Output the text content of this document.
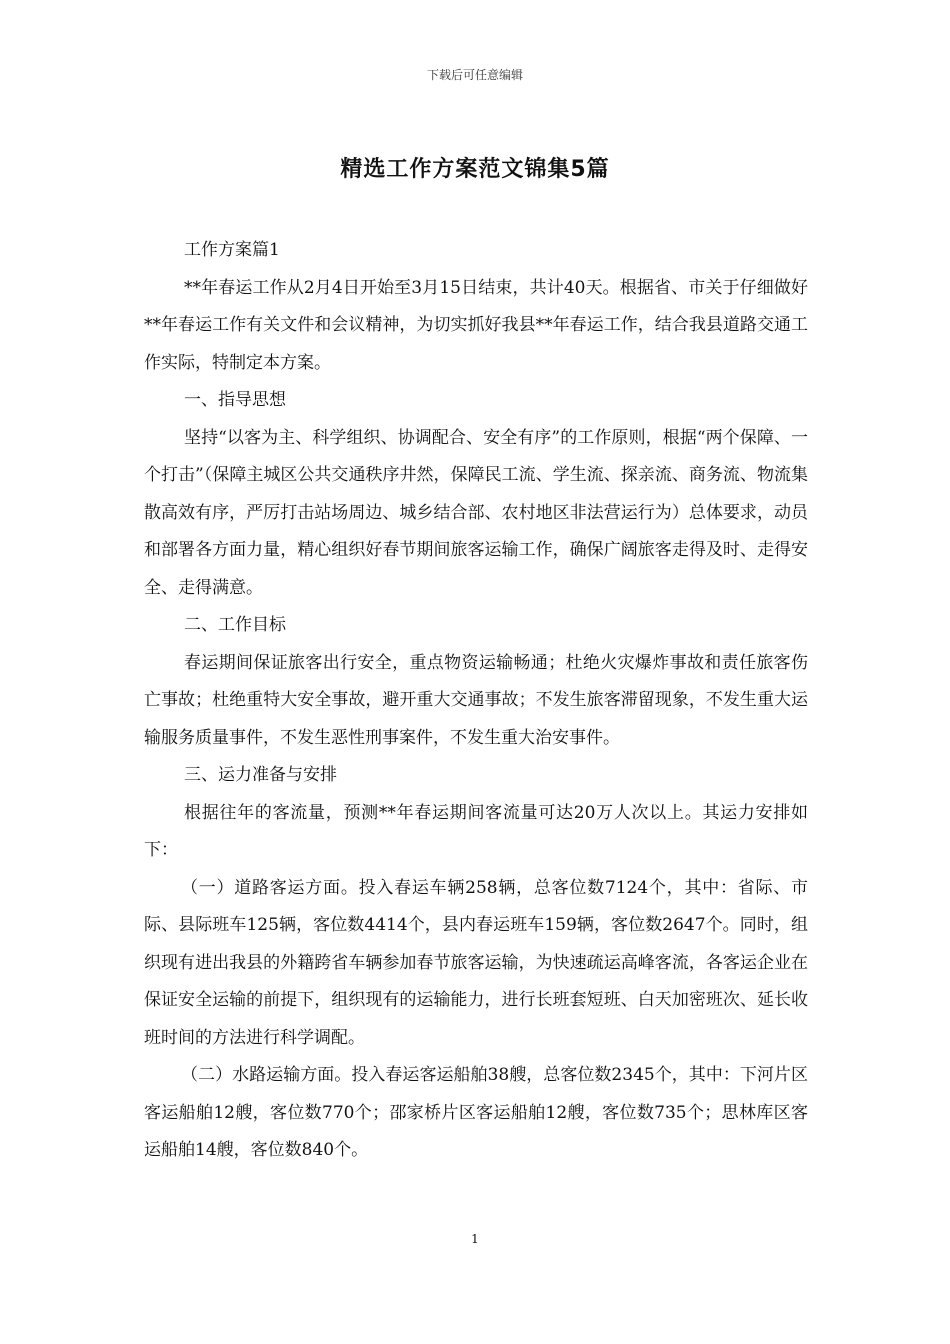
下载后可任意编辑
精选工作方案范文锦集5篇

工作方案篇1

**年春运工作从2月4日开始至3月15日结束，共计40天。根据省、市关于仔细做好**年春运工作有关文件和会议精神，为切实抓好我县**年春运工作，结合我县道路交通工作实际，特制定本方案。

一、指导思想

坚持“以客为主、科学组织、协调配合、安全有序”的工作原则，根据“两个保障、一个打击”（保障主城区公共交通秩序井然，保障民工流、学生流、探亲流、商务流、物流集散高效有序，严厉打击站场周边、城乡结合部、农村地区非法营运行为）总体要求，动员和部署各方面力量，精心组织好春节期间旅客运输工作，确保广阔旅客走得及时、走得安全、走得满意。

二、工作目标

春运期间保证旅客出行安全，重点物资运输畅通；杜绝火灾爆炸事故和责任旅客伤亡事故；杜绝重特大安全事故，避开重大交通事故；不发生旅客滞留现象，不发生重大运输服务质量事件，不发生恶性刑事案件，不发生重大治安事件。

三、运力准备与安排

根据往年的客流量，预测**年春运期间客流量可达20万人次以上。其运力安排如下：

（一）道路客运方面。投入春运车辆258辆，总客位数7124个，其中：省际、市际、县际班车125辆，客位数4414个，县内春运班车159辆，客位数2647个。同时，组织现有进出我县的外籍跨省车辆参加春节旅客运输，为快速疏运高峰客流，各客运企业在保证安全运输的前提下，组织现有的运输能力，进行长班套短班、白天加密班次、延长收班时间的方法进行科学调配。

（二）水路运输方面。投入春运客运船舶38艘，总客位数2345个，其中：下河片区客运船舶12艘，客位数770个；邵家桥片区客运船舶12艘，客位数735个；思林库区客运船舶14艘，客位数840个。

1
